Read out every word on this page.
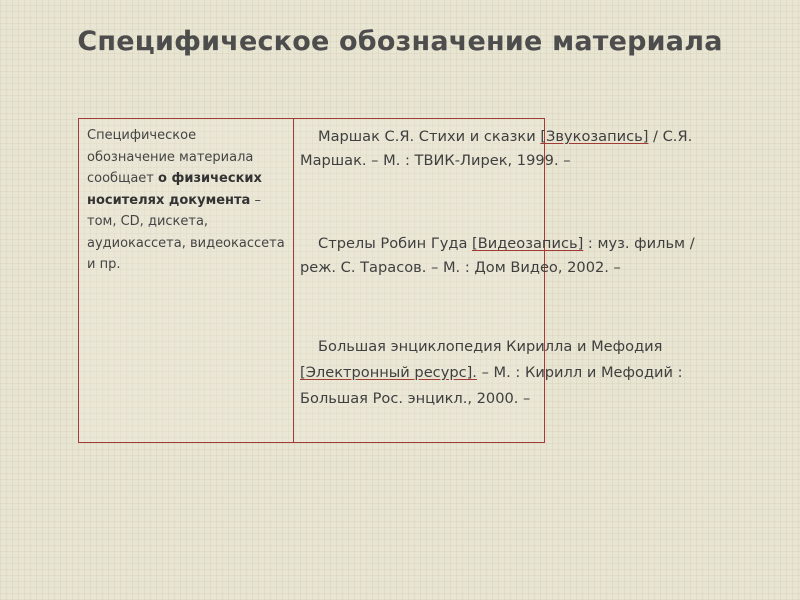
Специфическое обозначение материала
Специфическое обозначение материала сообщает о физических носителях документа – том, CD, дискета, аудиокассета, видеокассета и пр.

Маршак С.Я. Стихи и сказки [Звукозапись] / С.Я. Маршак. – М. : ТВИК-Лирек, 1999. –

Стрелы Робин Гуда [Видеозапись] : муз. фильм / реж. С. Тарасов. – М. : Дом Видео, 2002. –

Большая энциклопедия Кирилла и Мефодия [Электронный ресурс]. – М. : Кирилл и Мефодий : Большая Рос. энцикл., 2000. –
